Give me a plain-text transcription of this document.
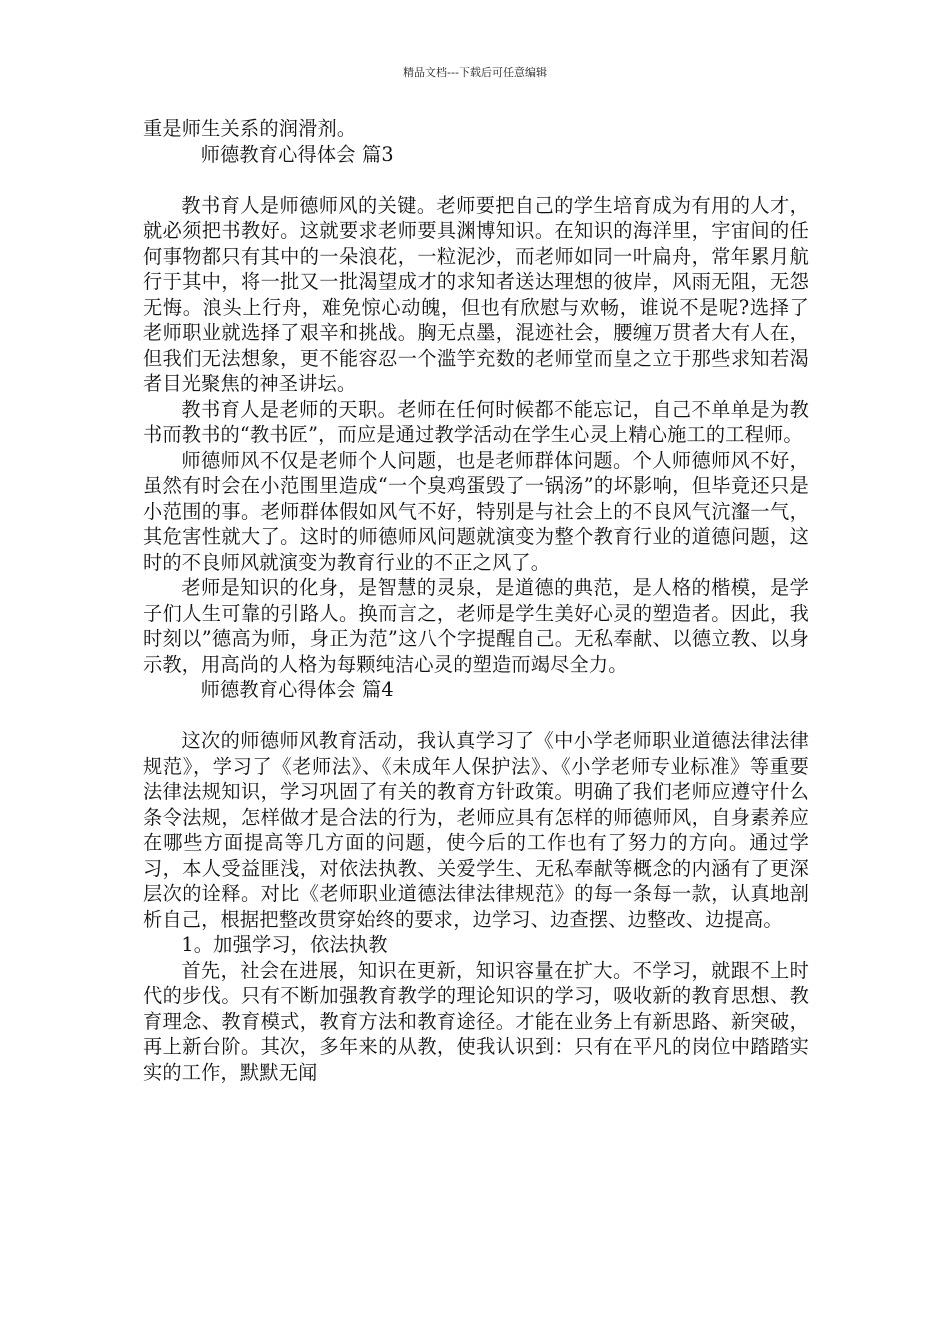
精品文档---下载后可任意编辑

重是师生关系的润滑剂。

师德教育心得体会 篇3

教书育人是师德师风的关键。老师要把自己的学生培育成为有用的人才，就必须把书教好。这就要求老师要具渊博知识。在知识的海洋里，宇宙间的任何事物都只有其中的一朵浪花，一粒泥沙，而老师如同一叶扁舟，常年累月航行于其中，将一批又一批渴望成才的求知者送达理想的彼岸，风雨无阻，无怨无悔。浪头上行舟，难免惊心动魄，但也有欣慰与欢畅，谁说不是呢?选择了老师职业就选择了艰辛和挑战。胸无点墨，混迹社会，腰缠万贯者大有人在，但我们无法想象，更不能容忍一个滥竽充数的老师堂而皇之立于那些求知若渴者目光聚焦的神圣讲坛。

教书育人是老师的天职。老师在任何时候都不能忘记，自己不单单是为教书而教书的“教书匠”，而应是通过教学活动在学生心灵上精心施工的工程师。

师德师风不仅是老师个人问题，也是老师群体问题。个人师德师风不好，虽然有时会在小范围里造成“一个臭鸡蛋毁了一锅汤”的坏影响，但毕竟还只是小范围的事。老师群体假如风气不好，特别是与社会上的不良风气沆瀣一气，其危害性就大了。这时的师德师风问题就演变为整个教育行业的道德问题，这时的不良师风就演变为教育行业的不正之风了。

老师是知识的化身，是智慧的灵泉，是道德的典范，是人格的楷模，是学子们人生可靠的引路人。换而言之，老师是学生美好心灵的塑造者。因此，我时刻以”德高为师，身正为范”这八个字提醒自己。无私奉献、以德立教、以身示教，用高尚的人格为每颗纯洁心灵的塑造而竭尽全力。

师德教育心得体会 篇4

这次的师德师风教育活动，我认真学习了《中小学老师职业道德法律法律规范》，学习了《老师法》、《未成年人保护法》、《小学老师专业标准》等重要法律法规知识，学习巩固了有关的教育方针政策。明确了我们老师应遵守什么条令法规，怎样做才是合法的行为，老师应具有怎样的师德师风，自身素养应在哪些方面提高等几方面的问题，使今后的工作也有了努力的方向。通过学习，本人受益匪浅，对依法执教、关爱学生、无私奉献等概念的内涵有了更深层次的诠释。对比《老师职业道德法律法律规范》的每一条每一款，认真地剖析自己，根据把整改贯穿始终的要求，边学习、边查摆、边整改、边提高。

1。加强学习，依法执教

首先，社会在进展，知识在更新，知识容量在扩大。不学习，就跟不上时代的步伐。只有不断加强教育教学的理论知识的学习，吸收新的教育思想、教育理念、教育模式，教育方法和教育途径。才能在业务上有新思路、新突破，再上新台阶。其次，多年来的从教，使我认识到：只有在平凡的岗位中踏踏实实的工作，默默无闻
